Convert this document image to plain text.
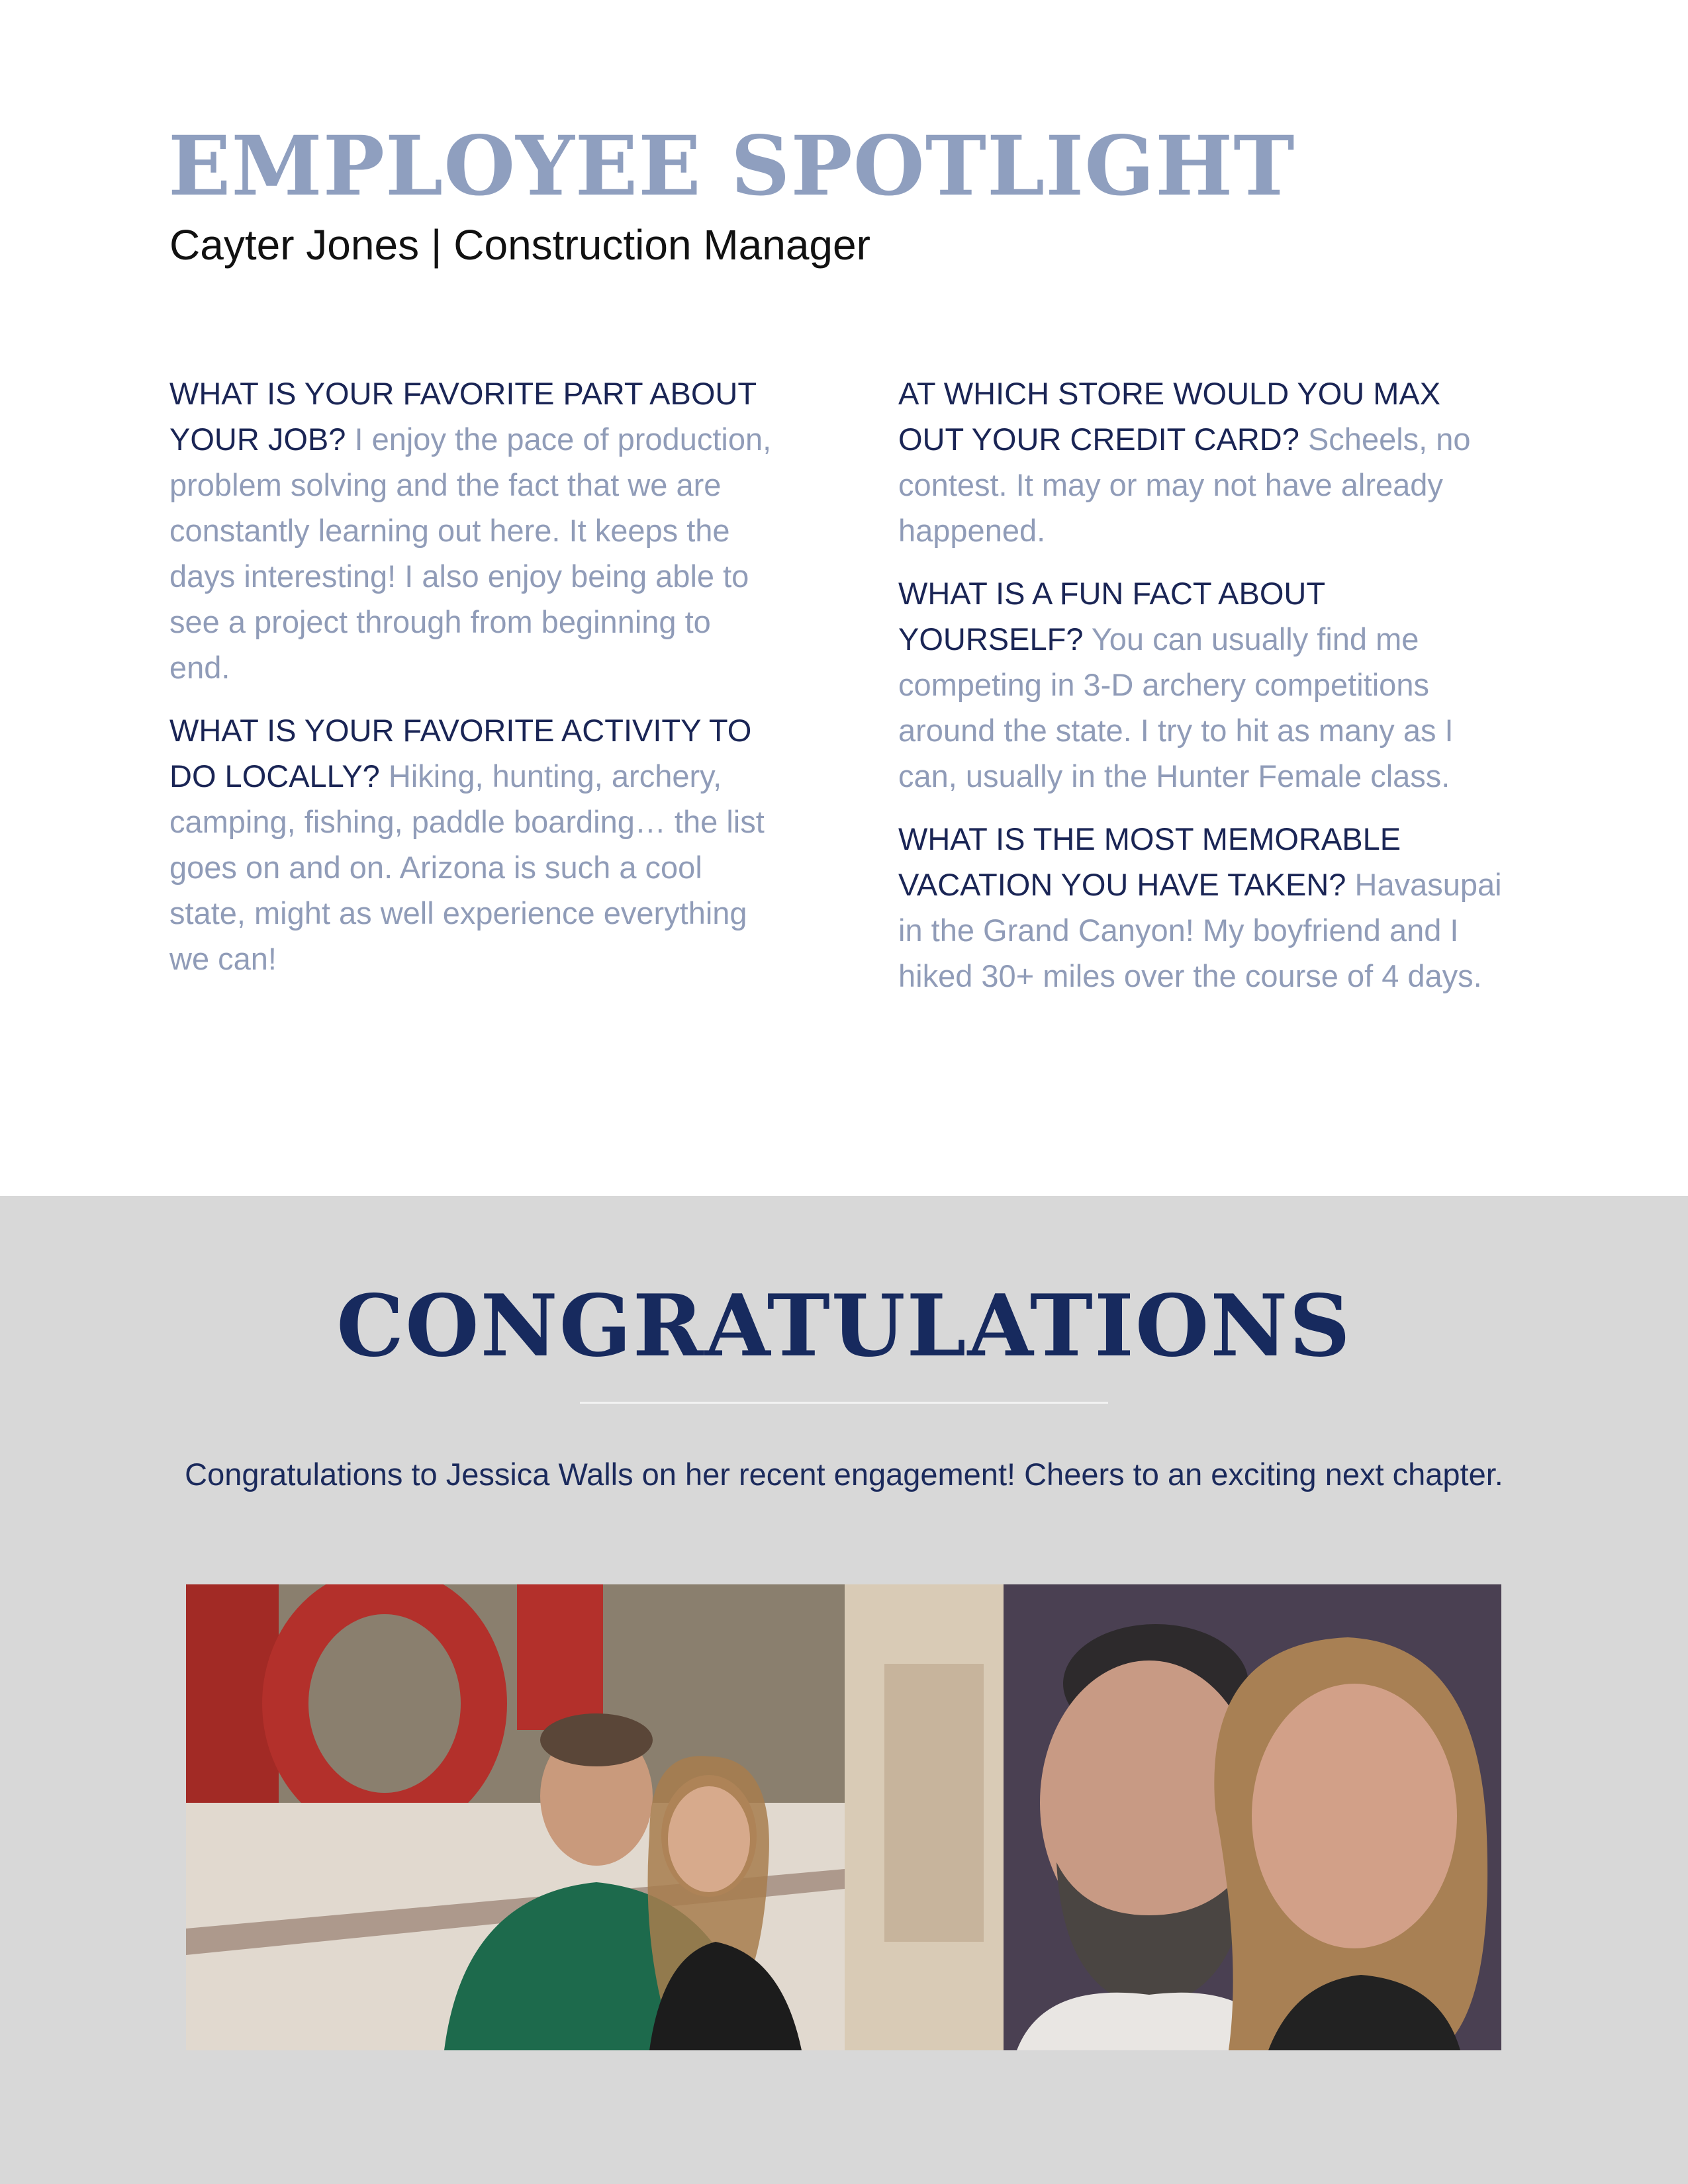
EMPLOYEE SPOTLIGHT

Cayter Jones | Construction Manager

WHAT IS YOUR FAVORITE PART ABOUT YOUR JOB? I enjoy the pace of production, problem solving and the fact that we are constantly learning out here. It keeps the days interesting! I also enjoy being able to see a project through from beginning to end.

WHAT IS YOUR FAVORITE ACTIVITY TO DO LOCALLY? Hiking, hunting, archery, camping, fishing, paddle boarding… the list goes on and on. Arizona is such a cool state, might as well experience everything we can!

AT WHICH STORE WOULD YOU MAX OUT YOUR CREDIT CARD? Scheels, no contest. It may or may not have already happened.

WHAT IS A FUN FACT ABOUT YOURSELF? You can usually find me competing in 3-D archery competitions around the state. I try to hit as many as I can, usually in the Hunter Female class.

WHAT IS THE MOST MEMORABLE VACATION YOU HAVE TAKEN? Havasupai in the Grand Canyon! My boyfriend and I hiked 30+ miles over the course of 4 days.

CONGRATULATIONS

Congratulations to Jessica Walls on her recent engagement! Cheers to an exciting next chapter.
